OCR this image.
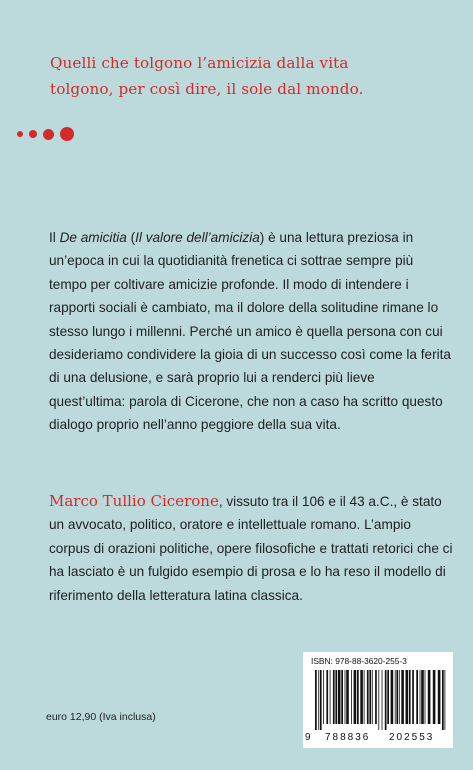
Quelli che tolgono l’amicizia dalla vita
tolgono, per così dire, il sole dal mondo.

Il De amicitia (Il valore dell’amicizia) è una lettura preziosa in un’epoca in cui la quotidianità frenetica ci sottrae sempre più tempo per coltivare amicizie profonde. Il modo di intendere i rapporti sociali è cambiato, ma il dolore della solitudine rimane lo stesso lungo i millenni. Perché un amico è quella persona con cui desideriamo condividere la gioia di un successo così come la ferita di una delusione, e sarà proprio lui a renderci più lieve quest’ultima: parola di Cicerone, che non a caso ha scritto questo dialogo proprio nell’anno peggiore della sua vita.

Marco Tullio Cicerone, vissuto tra il 106 e il 43 a.C., è stato un avvocato, politico, oratore e intellettuale romano. L’ampio corpus di orazioni politiche, opere filosofiche e trattati retorici che ci ha lasciato è un fulgido esempio di prosa e lo ha reso il modello di riferimento della letteratura latina classica.
euro 12,90 (Iva inclusa)
ISBN: 978-88-3620-255-3
9 788836 202553
